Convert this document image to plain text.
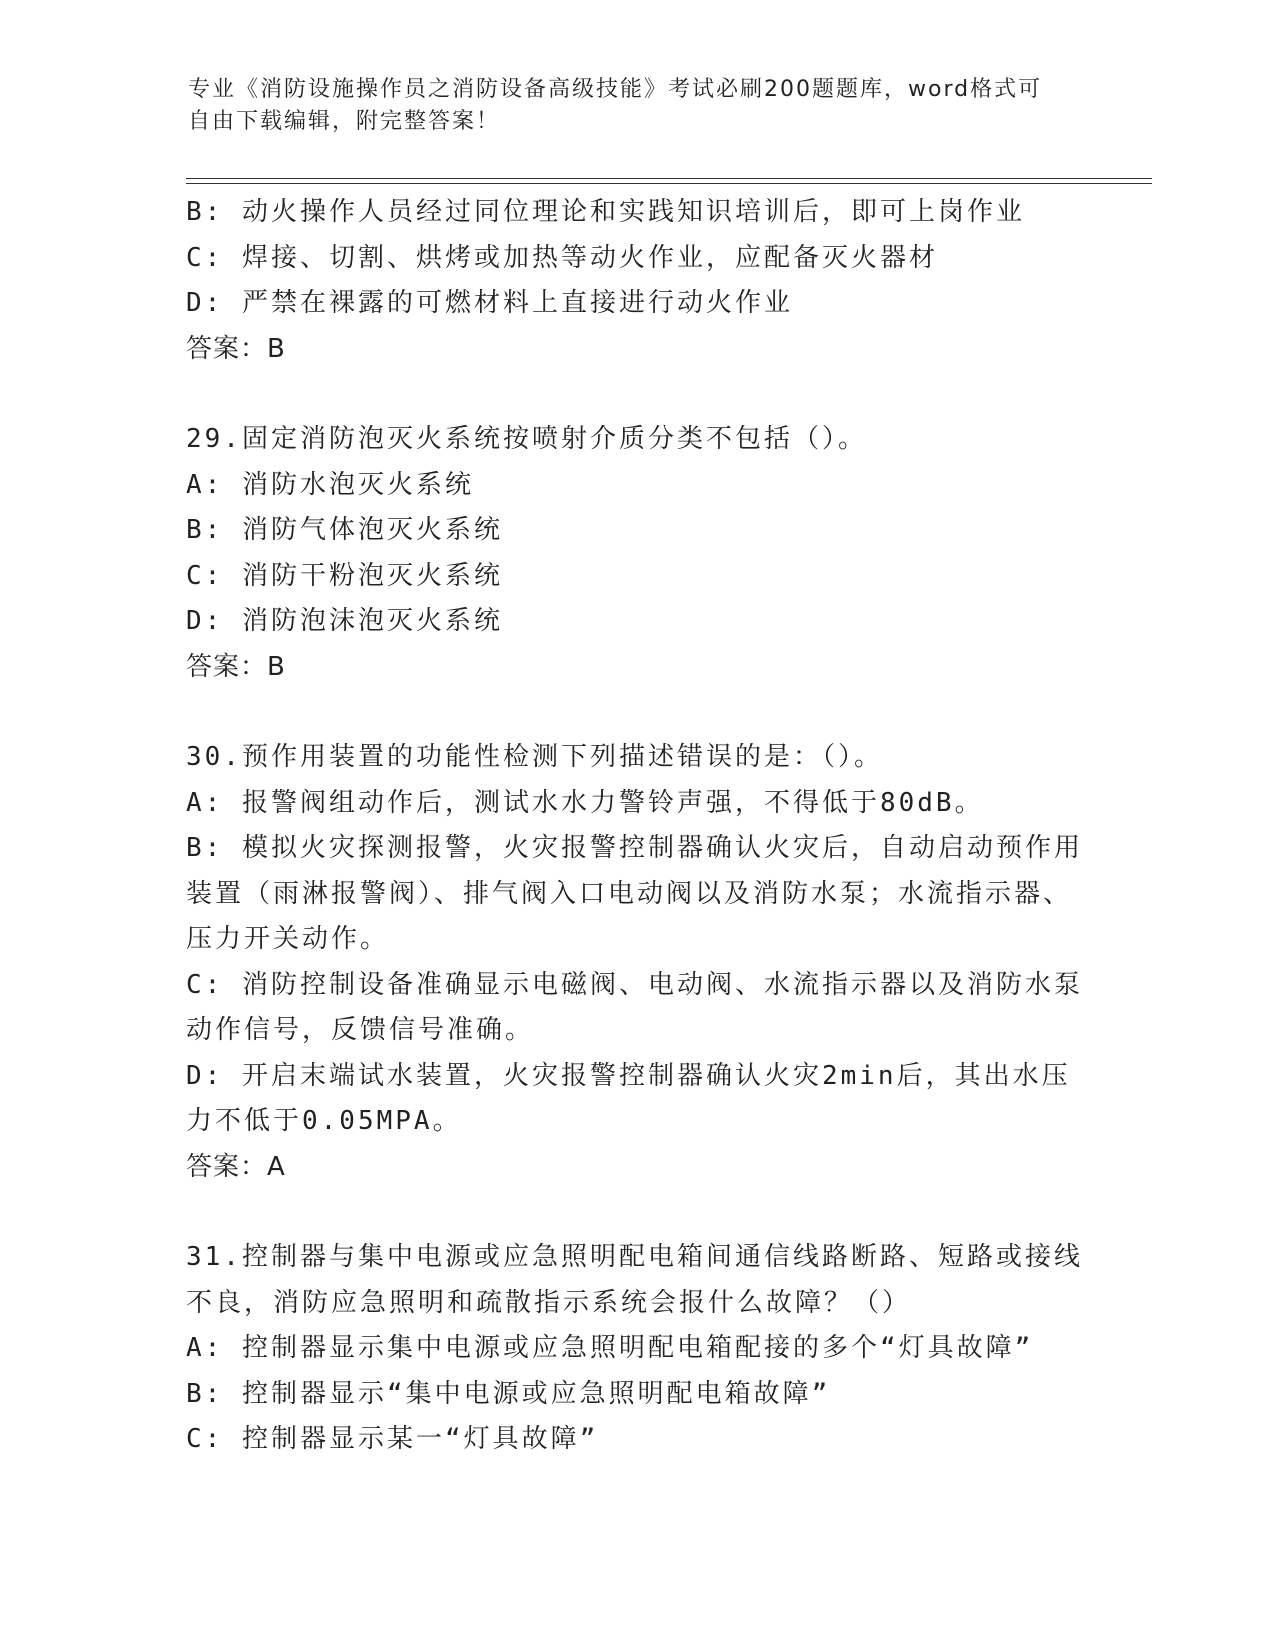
专业《消防设施操作员之消防设备高级技能》考试必刷200题题库，word格式可
自由下载编辑，附完整答案！

B: 动火操作人员经过同位理论和实践知识培训后，即可上岗作业

C: 焊接、切割、烘烤或加热等动火作业，应配备灭火器材

D: 严禁在裸露的可燃材料上直接进行动火作业

答案：B

29.固定消防泡灭火系统按喷射介质分类不包括（）。

A: 消防水泡灭火系统

B: 消防气体泡灭火系统

C: 消防干粉泡灭火系统

D: 消防泡沫泡灭火系统

答案：B

30.预作用装置的功能性检测下列描述错误的是：（）。

A: 报警阀组动作后，测试水水力警铃声强，不得低于80dB。

B: 模拟火灾探测报警，火灾报警控制器确认火灾后，自动启动预作用装置（雨淋报警阀）、排气阀入口电动阀以及消防水泵；水流指示器、压力开关动作。

C: 消防控制设备准确显示电磁阀、电动阀、水流指示器以及消防水泵动作信号，反馈信号准确。

D: 开启末端试水装置，火灾报警控制器确认火灾2min后，其出水压力不低于0.05MPA。

答案：A

31.控制器与集中电源或应急照明配电箱间通信线路断路、短路或接线不良，消防应急照明和疏散指示系统会报什么故障？（）

A: 控制器显示集中电源或应急照明配电箱配接的多个“灯具故障”

B: 控制器显示“集中电源或应急照明配电箱故障”

C: 控制器显示某一“灯具故障”
